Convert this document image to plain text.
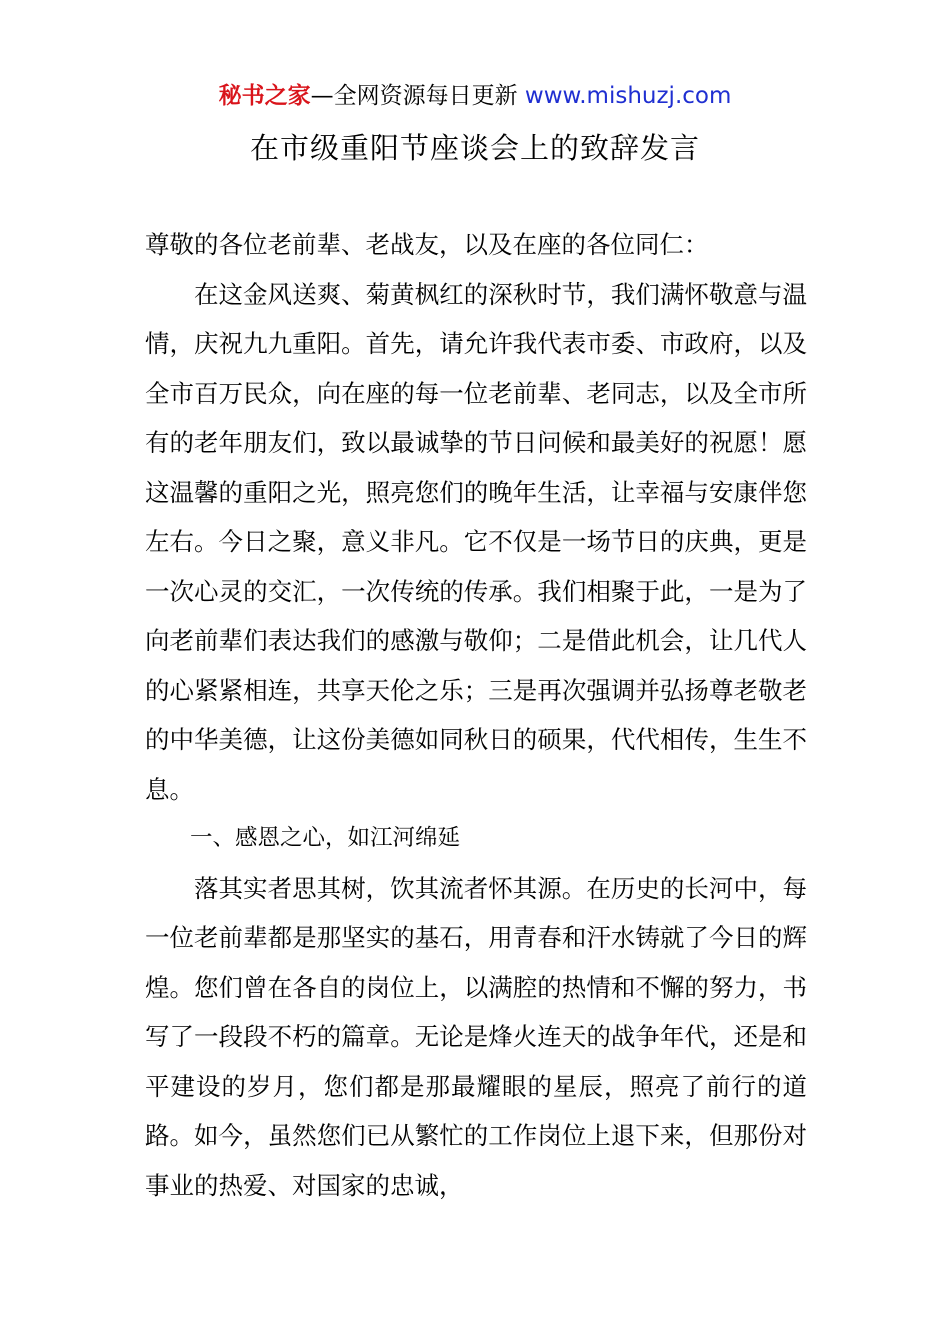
秘书之家—全网资源每日更新 www.mishuzj.com
在市级重阳节座谈会上的致辞发言

尊敬的各位老前辈、老战友，以及在座的各位同仁：

在这金风送爽、菊黄枫红的深秋时节，我们满怀敬意与温情，庆祝九九重阳。首先，请允许我代表市委、市政府，以及全市百万民众，向在座的每一位老前辈、老同志，以及全市所有的老年朋友们，致以最诚挚的节日问候和最美好的祝愿！愿这温馨的重阳之光，照亮您们的晚年生活，让幸福与安康伴您左右。今日之聚，意义非凡。它不仅是一场节日的庆典，更是一次心灵的交汇，一次传统的传承。我们相聚于此，一是为了向老前辈们表达我们的感激与敬仰；二是借此机会，让几代人的心紧紧相连，共享天伦之乐；三是再次强调并弘扬尊老敬老的中华美德，让这份美德如同秋日的硕果，代代相传，生生不息。

一、感恩之心，如江河绵延

落其实者思其树，饮其流者怀其源。在历史的长河中，每一位老前辈都是那坚实的基石，用青春和汗水铸就了今日的辉煌。您们曾在各自的岗位上，以满腔的热情和不懈的努力，书写了一段段不朽的篇章。无论是烽火连天的战争年代，还是和平建设的岁月，您们都是那最耀眼的星辰，照亮了前行的道路。如今，虽然您们已从繁忙的工作岗位上退下来，但那份对事业的热爱、对国家的忠诚，
